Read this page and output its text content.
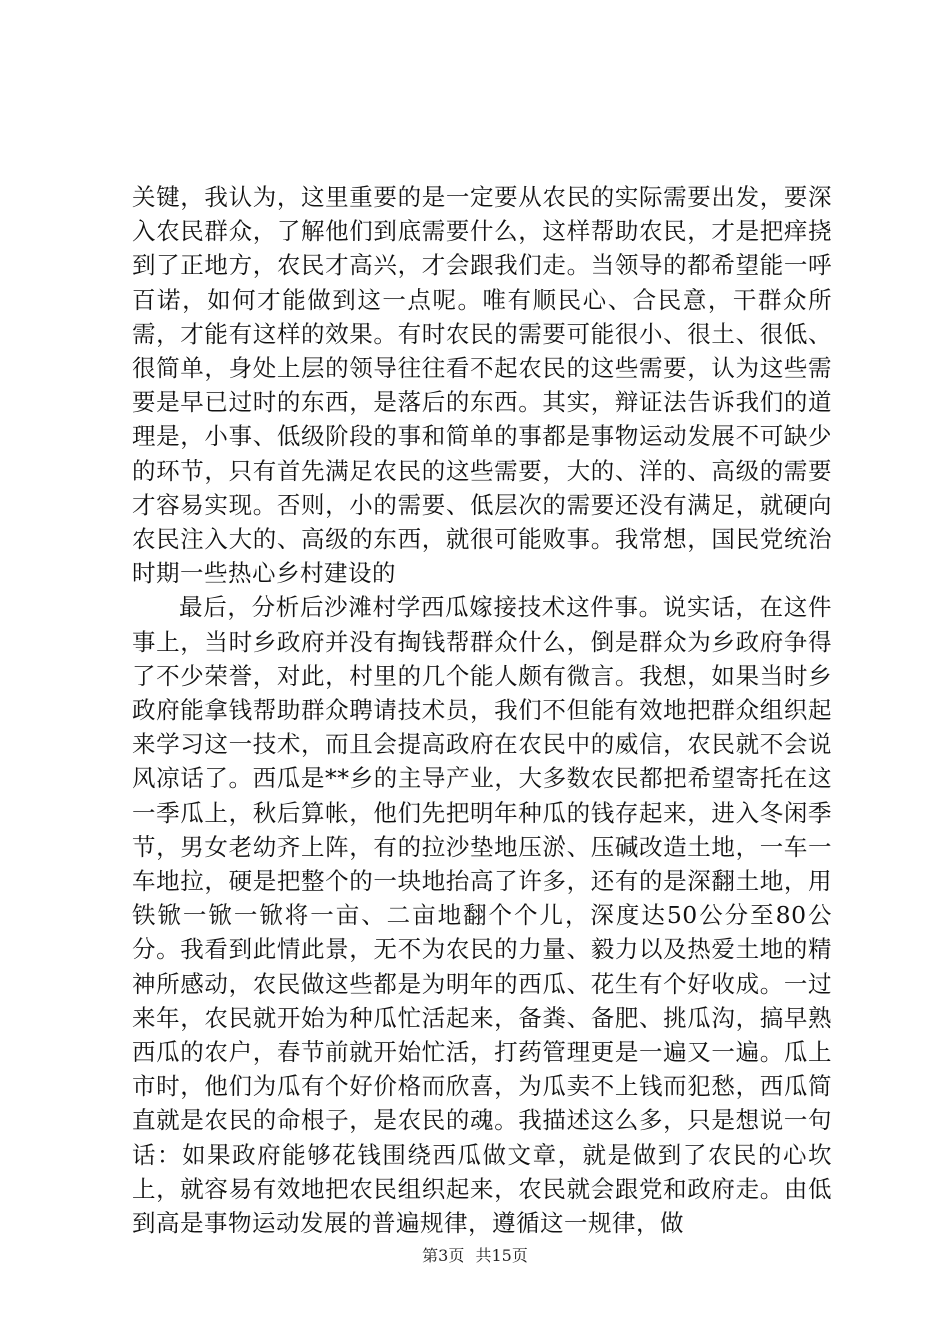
关键，我认为，这里重要的是一定要从农民的实际需要出发，要深入农民群众，了解他们到底需要什么，这样帮助农民，才是把痒挠到了正地方，农民才高兴，才会跟我们走。当领导的都希望能一呼百诺，如何才能做到这一点呢。唯有顺民心、合民意，干群众所需，才能有这样的效果。有时农民的需要可能很小、很土、很低、很简单，身处上层的领导往往看不起农民的这些需要，认为这些需要是早已过时的东西，是落后的东西。其实，辩证法告诉我们的道理是，小事、低级阶段的事和简单的事都是事物运动发展不可缺少的环节，只有首先满足农民的这些需要，大的、洋的、高级的需要才容易实现。否则，小的需要、低层次的需要还没有满足，就硬向农民注入大的、高级的东西，就很可能败事。我常想，国民党统治时期一些热心乡村建设的

最后，分析后沙滩村学西瓜嫁接技术这件事。说实话，在这件事上，当时乡政府并没有掏钱帮群众什么，倒是群众为乡政府争得了不少荣誉，对此，村里的几个能人颇有微言。我想，如果当时乡政府能拿钱帮助群众聘请技术员，我们不但能有效地把群众组织起来学习这一技术，而且会提高政府在农民中的威信，农民就不会说风凉话了。西瓜是**乡的主导产业，大多数农民都把希望寄托在这一季瓜上，秋后算帐，他们先把明年种瓜的钱存起来，进入冬闲季节，男女老幼齐上阵，有的拉沙垫地压淤、压碱改造土地，一车一车地拉，硬是把整个的一块地抬高了许多，还有的是深翻土地，用铁锨一锨一锨将一亩、二亩地翻个个儿，深度达50公分至80公分。我看到此情此景，无不为农民的力量、毅力以及热爱土地的精神所感动，农民做这些都是为明年的西瓜、花生有个好收成。一过来年，农民就开始为种瓜忙活起来，备粪、备肥、挑瓜沟，搞早熟西瓜的农户，春节前就开始忙活，打药管理更是一遍又一遍。瓜上市时，他们为瓜有个好价格而欣喜，为瓜卖不上钱而犯愁，西瓜简直就是农民的命根子，是农民的魂。我描述这么多，只是想说一句话：如果政府能够花钱围绕西瓜做文章，就是做到了农民的心坎上，就容易有效地把农民组织起来，农民就会跟党和政府走。由低到高是事物运动发展的普遍规律，遵循这一规律，做

第3页 共15页
